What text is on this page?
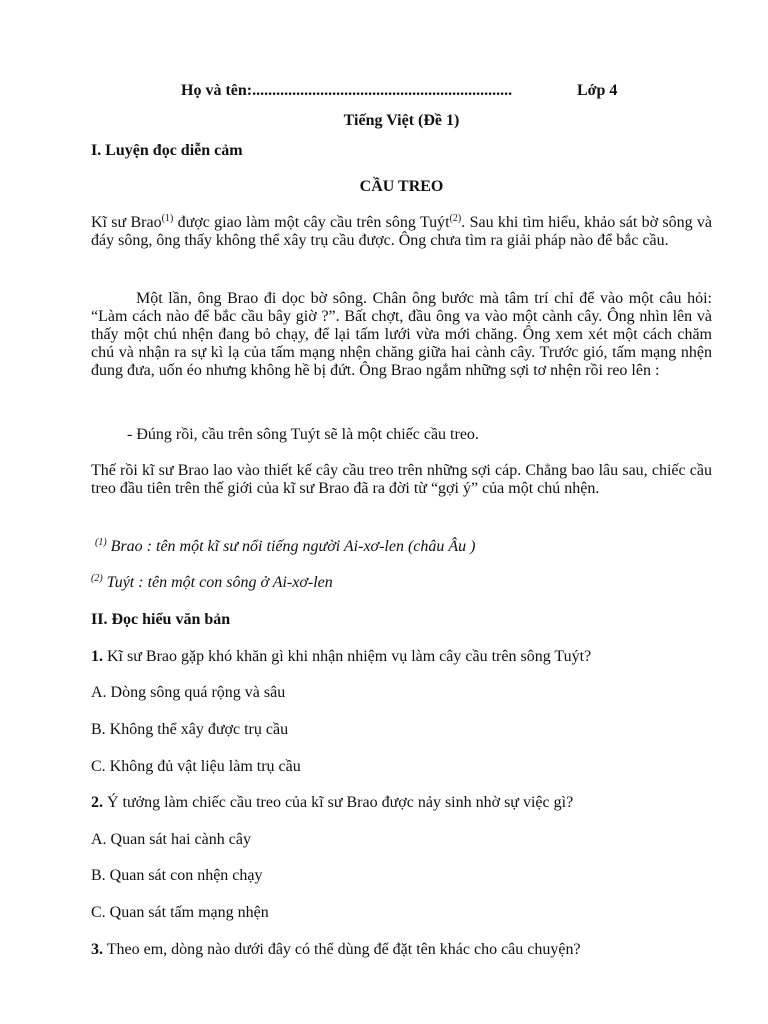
Họ và tên:.................................................................	Lớp 4
Tiếng Việt (Đề 1)
I. Luyện đọc diễn cảm
CẦU TREO
Kĩ sư Brao$^{(1)}$ được giao làm một cây cầu trên sông Tuýt$^{(2)}$. Sau khi tìm hiểu, khảo sát bờ sông và đáy sông, ông thấy không thể xây trụ cầu được. Ông chưa tìm ra giải pháp nào để bắc cầu.
Một lần, ông Brao đi dọc bờ sông. Chân ông bước mà tâm trí chỉ để vào một câu hỏi: “Làm cách nào để bắc cầu bây giờ ?”. Bất chợt, đầu ông va vào một cành cây. Ông nhìn lên và thấy một chú nhện đang bỏ chạy, để lại tấm lưới vừa mới chăng. Ông xem xét một cách chăm chú và nhận ra sự kì lạ của tấm mạng nhện chăng giữa hai cành cây. Trước gió, tấm mạng nhện đung đưa, uốn éo nhưng không hề bị đứt. Ông Brao ngắm những sợi tơ nhện rồi reo lên :
- Đúng rồi, cầu trên sông Tuýt sẽ là một chiếc cầu treo.
Thế rồi kĩ sư Brao lao vào thiết kế cây cầu treo trên những sợi cáp. Chẳng bao lâu sau, chiếc cầu treo đầu tiên trên thế giới của kĩ sư Brao đã ra đời từ “gợi ý” của một chú nhện.
$^{(1)}$ Brao : tên một kĩ sư nổi tiếng người Ai-xơ-len (châu Âu )
$^{(2)}$ Tuýt : tên một con sông ở Ai-xơ-len
II. Đọc hiểu văn bản
1. Kĩ sư Brao gặp khó khăn gì khi nhận nhiệm vụ làm cây cầu trên sông Tuýt?
A. Dòng sông quá rộng và sâu
B. Không thể xây được trụ cầu
C. Không đủ vật liệu làm trụ cầu
2. Ý tưởng làm chiếc cầu treo của kĩ sư Brao được nảy sinh nhờ sự việc gì?
A. Quan sát hai cành cây
B. Quan sát con nhện chạy
C. Quan sát tấm mạng nhện
3. Theo em, dòng nào dưới đây có thể dùng để đặt tên khác cho câu chuyện?
